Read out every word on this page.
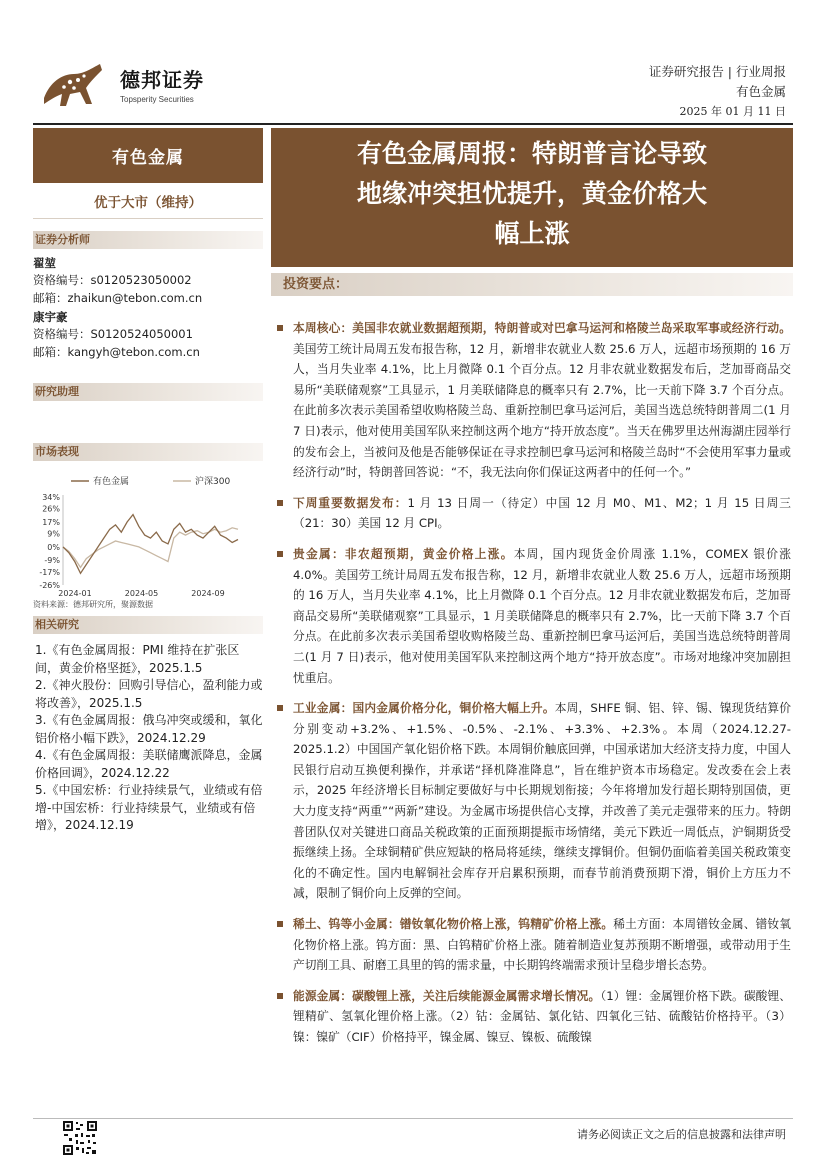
德邦证券
Topsperity Securities
证券研究报告 | 行业周报
有色金属
2025 年 01 月 11 日
有色金属
优于大市（维持）
证券分析师
翟堃
资格编号：s0120523050002
邮箱：zhaikun@tebon.com.cn
康宇豪
资格编号：S0120524050001
邮箱：kangyh@tebon.com.cn
研究助理
市场表现
有色金属	沪深300
34%
26%
17%
9%
0%
-9%
-17%
-26%
2024-01	2024-05	2024-09
资料来源：德邦研究所，聚源数据
相关研究
1.《有色金属周报：PMI 维持在扩张区间，黄金价格坚挺》，2025.1.5
2.《神火股份：回购引导信心，盈利能力或将改善》，2025.1.5
3.《有色金属周报：俄乌冲突或缓和，氧化铝价格小幅下跌》，2024.12.29
4.《有色金属周报：美联储鹰派降息，金属价格回调》，2024.12.22
5.《中国宏桥：行业持续景气，业绩或有倍增-中国宏桥：行业持续景气，业绩或有倍增》，2024.12.19
有色金属周报：特朗普言论导致
地缘冲突担忧提升，黄金价格大
幅上涨
投资要点：
本周核心：美国非农就业数据超预期，特朗普或对巴拿马运河和格陵兰岛采取军事或经济行动。美国劳工统计局周五发布报告称，12 月，新增非农就业人数 25.6 万人，远超市场预期的 16 万人，当月失业率 4.1%，比上月微降 0.1 个百分点。12 月非农就业数据发布后，芝加哥商品交易所“美联储观察”工具显示，1 月美联储降息的概率只有 2.7%，比一天前下降 3.7 个百分点。在此前多次表示美国希望收购格陵兰岛、重新控制巴拿马运河后，美国当选总统特朗普周二(1 月 7 日)表示，他对使用美国军队来控制这两个地方“持开放态度”。当天在佛罗里达州海湖庄园举行的发布会上，当被问及他是否能够保证在寻求控制巴拿马运河和格陵兰岛时“不会使用军事力量或经济行动”时，特朗普回答说：“不，我无法向你们保证这两者中的任何一个。”
下周重要数据发布：1 月 13 日周一（待定）中国 12 月 M0、M1、M2；1 月 15 日周三（21：30）美国 12 月 CPI。
贵金属：非农超预期，黄金价格上涨。本周，国内现货金价周涨 1.1%，COMEX 银价涨 4.0%。美国劳工统计局周五发布报告称，12 月，新增非农就业人数 25.6 万人，远超市场预期的 16 万人，当月失业率 4.1%，比上月微降 0.1 个百分点。12 月非农就业数据发布后，芝加哥商品交易所“美联储观察”工具显示，1 月美联储降息的概率只有 2.7%，比一天前下降 3.7 个百分点。在此前多次表示美国希望收购格陵兰岛、重新控制巴拿马运河后，美国当选总统特朗普周二(1 月 7 日)表示，他对使用美国军队来控制这两个地方“持开放态度”。市场对地缘冲突加剧担忧重启。
工业金属：国内金属价格分化，铜价格大幅上升。本周，SHFE 铜、铝、锌、锡、镍现货结算价分别变动+3.2%、+1.5%、-0.5%、-2.1%、+3.3%、+2.3%。本周（2024.12.27-2025.1.2）中国国产氧化铝价格下跌。本周铜价触底回弹，中国承诺加大经济支持力度，中国人民银行启动互换便利操作，并承诺“择机降准降息”，旨在维护资本市场稳定。发改委在会上表示，2025 年经济增长目标制定要做好与中长期规划衔接；今年将增加发行超长期特别国债，更大力度支持“两重”“两新”建设。为金属市场提供信心支撑，并改善了美元走强带来的压力。特朗普团队仅对关键进口商品关税政策的正面预期提振市场情绪，美元下跌近一周低点，沪铜期货受振继续上扬。全球铜精矿供应短缺的格局将延续，继续支撑铜价。但铜仍面临着美国关税政策变化的不确定性。国内电解铜社会库存开启累积预期，而春节前消费预期下滑，铜价上方压力不减，限制了铜价向上反弹的空间。
稀土、钨等小金属：镨钕氧化物价格上涨，钨精矿价格上涨。稀土方面：本周镨钕金属、镨钕氧化物价格上涨。钨方面：黑、白钨精矿价格上涨。随着制造业复苏预期不断增强，或带动用于生产切削工具、耐磨工具里的钨的需求量，中长期钨终端需求预计呈稳步增长态势。
能源金属：碳酸锂上涨，关注后续能源金属需求增长情况。（1）锂：金属锂价格下跌。碳酸锂、锂精矿、氢氧化锂价格上涨。（2）钴：金属钴、氯化钴、四氧化三钴、硫酸钴价格持平。（3）镍：镍矿（CIF）价格持平，镍金属、镍豆、镍板、硫酸镍
请务必阅读正文之后的信息披露和法律声明
